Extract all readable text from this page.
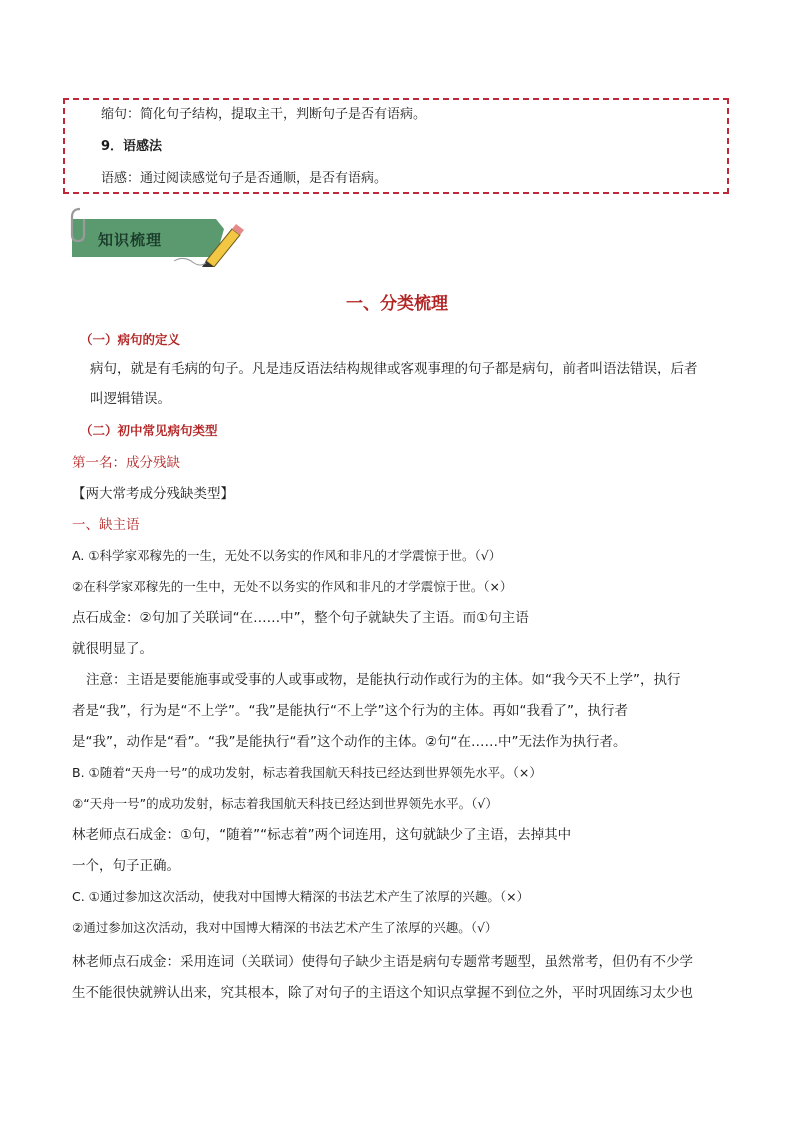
缩句：简化句子结构，提取主干，判断句子是否有语病。
9．语感法
语感：通过阅读感觉句子是否通顺，是否有语病。
知识梳理
一、分类梳理
（一）病句的定义
病句，就是有毛病的句子。凡是违反语法结构规律或客观事理的句子都是病句，前者叫语法错误，后者
叫逻辑错误。
（二）初中常见病句类型
第一名：成分残缺
【两大常考成分残缺类型】
一、缺主语
A. ①科学家邓稼先的一生，无处不以务实的作风和非凡的才学震惊于世。（√）
②在科学家邓稼先的一生中，无处不以务实的作风和非凡的才学震惊于世。（×）
点石成金：②句加了关联词“在……中”，整个句子就缺失了主语。而①句主语
就很明显了。
注意：主语是要能施事或受事的人或事或物，是能执行动作或行为的主体。如“我今天不上学”，执行
者是“我”，行为是“不上学”。“我”是能执行“不上学”这个行为的主体。再如“我看了”，执行者
是“我”，动作是“看”。“我”是能执行“看”这个动作的主体。②句“在……中”无法作为执行者。
B. ①随着“天舟一号”的成功发射，标志着我国航天科技已经达到世界领先水平。（×）
②“天舟一号”的成功发射，标志着我国航天科技已经达到世界领先水平。（√）
林老师点石成金：①句，“随着”“标志着”两个词连用，这句就缺少了主语，去掉其中
一个，句子正确。
C. ①通过参加这次活动，使我对中国博大精深的书法艺术产生了浓厚的兴趣。（×）
②通过参加这次活动，我对中国博大精深的书法艺术产生了浓厚的兴趣。（√）
林老师点石成金：采用连词（关联词）使得句子缺少主语是病句专题常考题型，虽然常考，但仍有不少学
生不能很快就辨认出来，究其根本，除了对句子的主语这个知识点掌握不到位之外，平时巩固练习太少也
